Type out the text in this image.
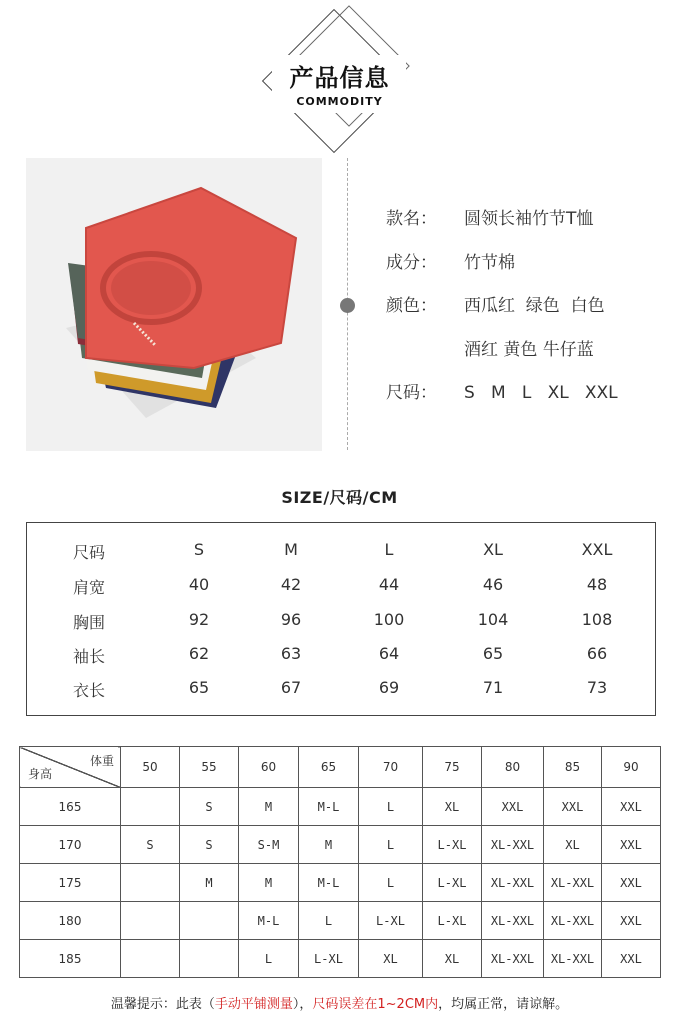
产品信息
COMMODITY
款名： 圆领长袖竹节T恤
成分： 竹节棉
颜色： 西瓜红  绿色  白色
酒红 黄色 牛仔蓝
尺码： S   M   L   XL   XXL
SIZE/尺码/CM
尺码	S	M	L	XL	XXL
肩宽	40	42	44	46	48
胸围	92	96	100	104	108
袖长	62	63	64	65	66
衣长	65	67	69	71	73
体重
身高	50	55	60	65	70	75	80	85	90
165		S	M	M-L	L	XL	XXL	XXL	XXL
170	S	S	S-M	M	L	L-XL	XL-XXL	XL	XXL
175		M	M	M-L	L	L-XL	XL-XXL	XL-XXL	XXL
180			M-L	L	L-XL	L-XL	XL-XXL	XL-XXL	XXL
185			L	L-XL	XL	XL	XL-XXL	XL-XXL	XXL
温馨提示：此表（手动平铺测量），尺码误差在1~2CM内，均属正常，请谅解。
